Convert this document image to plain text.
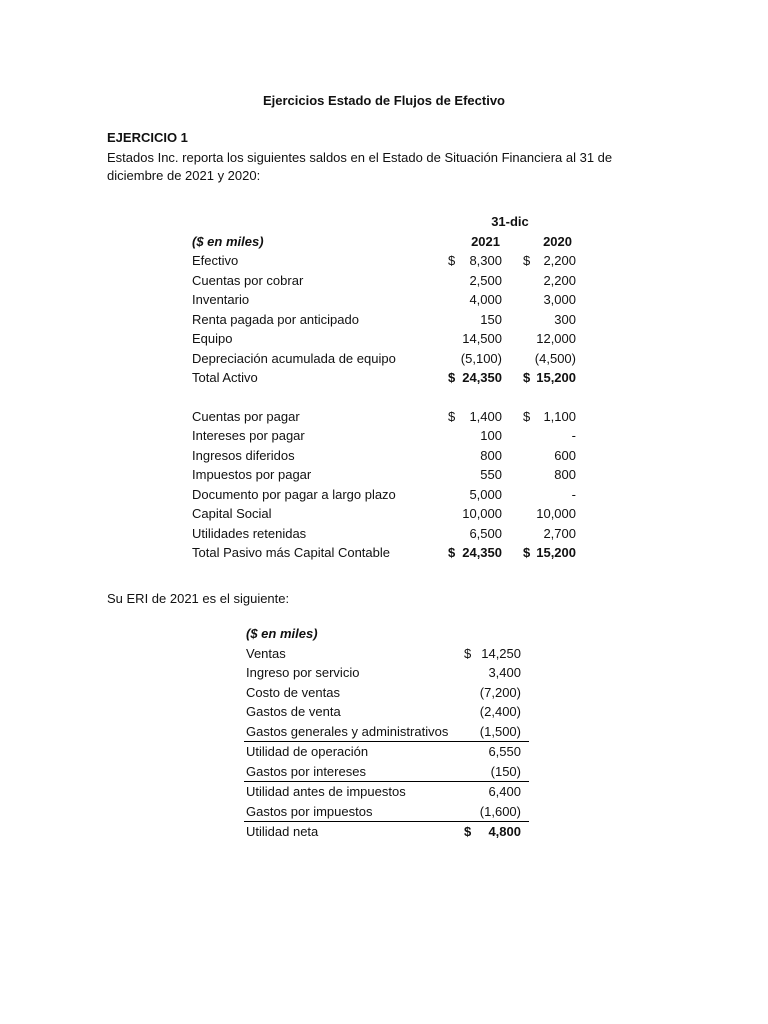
Ejercicios Estado de Flujos de Efectivo
EJERCICIO 1
Estados Inc. reporta los siguientes saldos en el Estado de Situación Financiera al 31 de diciembre de 2021 y 2020:
31-dic
($ en miles)	2021	2020
Efectivo	$ 8,300 $ 2,200
Cuentas por cobrar	2,500	2,200
Inventario	4,000	3,000
Renta pagada por anticipado	150	300
Equipo	14,500	12,000
Depreciación acumulada de equipo	(5,100)	(4,500)
Total Activo	$ 24,350 $ 15,200
Cuentas por pagar	$ 1,400 $ 1,100
Intereses por pagar	100	-
Ingresos diferidos	800	600
Impuestos por pagar	550	800
Documento por pagar a largo plazo	5,000	-
Capital Social	10,000	10,000
Utilidades retenidas	6,500	2,700
Total Pasivo más Capital Contable	$ 24,350 $ 15,200
Su ERI de 2021 es el siguiente:
($ en miles)
Ventas	$ 14,250
Ingreso por servicio	3,400
Costo de ventas	(7,200)
Gastos de venta	(2,400)
Gastos generales y administrativos (1,500)
Utilidad de operación	6,550
Gastos por intereses	(150)
Utilidad antes de impuestos	6,400
Gastos por impuestos	(1,600)
Utilidad neta	$ 4,800
